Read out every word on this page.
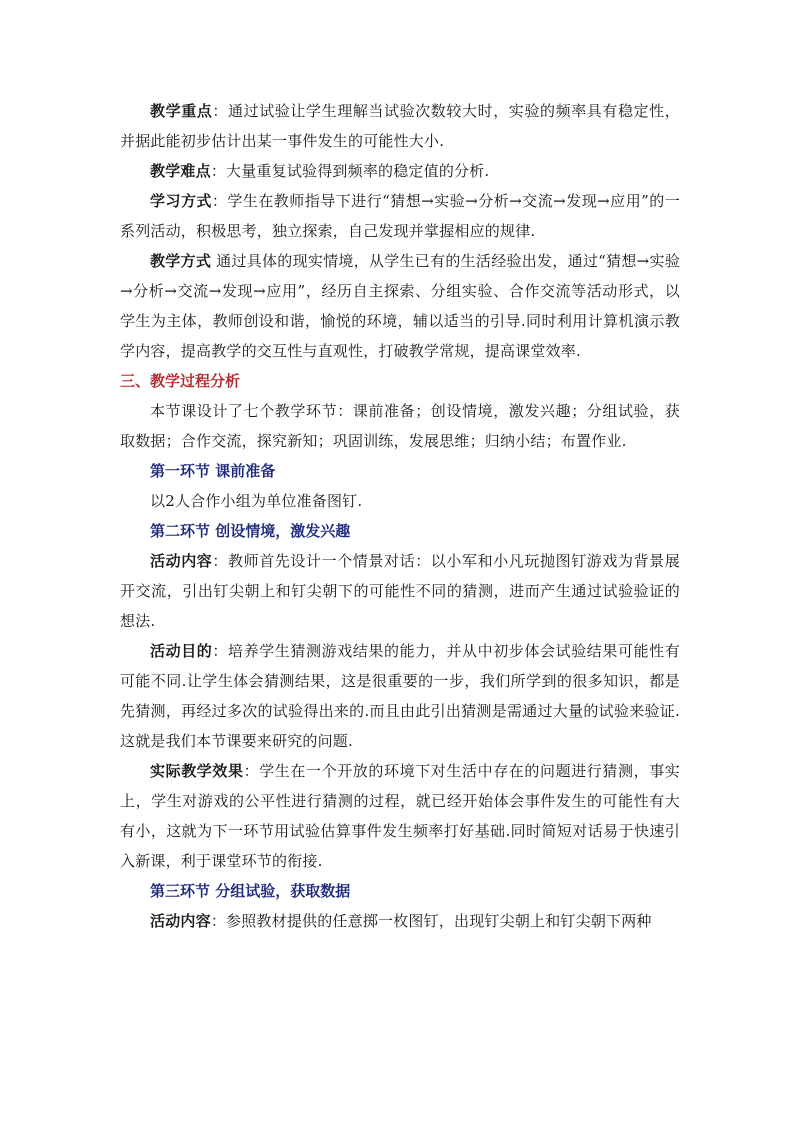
教学重点：通过试验让学生理解当试验次数较大时，实验的频率具有稳定性，并据此能初步估计出某一事件发生的可能性大小.

教学难点：大量重复试验得到频率的稳定值的分析.

学习方式：学生在教师指导下进行“猜想→实验→分析→交流→发现→应用”的一系列活动，积极思考，独立探索，自己发现并掌握相应的规律.

教学方式 通过具体的现实情境，从学生已有的生活经验出发，通过“猜想→实验→分析→交流→发现→应用”，经历自主探索、分组实验、合作交流等活动形式，以学生为主体，教师创设和谐，愉悦的环境，辅以适当的引导.同时利用计算机演示教学内容，提高教学的交互性与直观性，打破教学常规，提高课堂效率.

三、教学过程分析

本节课设计了七个教学环节：课前准备；创设情境，激发兴趣；分组试验，获取数据；合作交流，探究新知；巩固训练，发展思维；归纳小结；布置作业.

第一环节 课前准备

以2人合作小组为单位准备图钉.

第二环节 创设情境，激发兴趣

活动内容：教师首先设计一个情景对话：以小军和小凡玩抛图钉游戏为背景展开交流，引出钉尖朝上和钉尖朝下的可能性不同的猜测，进而产生通过试验验证的想法.

活动目的：培养学生猜测游戏结果的能力，并从中初步体会试验结果可能性有可能不同.让学生体会猜测结果，这是很重要的一步，我们所学到的很多知识，都是先猜测，再经过多次的试验得出来的.而且由此引出猜测是需通过大量的试验来验证.这就是我们本节课要来研究的问题.

实际教学效果：学生在一个开放的环境下对生活中存在的问题进行猜测，事实上，学生对游戏的公平性进行猜测的过程，就已经开始体会事件发生的可能性有大有小，这就为下一环节用试验估算事件发生频率打好基础.同时简短对话易于快速引入新课，利于课堂环节的衔接.

第三环节 分组试验，获取数据

活动内容：参照教材提供的任意掷一枚图钉，出现钉尖朝上和钉尖朝下两种
